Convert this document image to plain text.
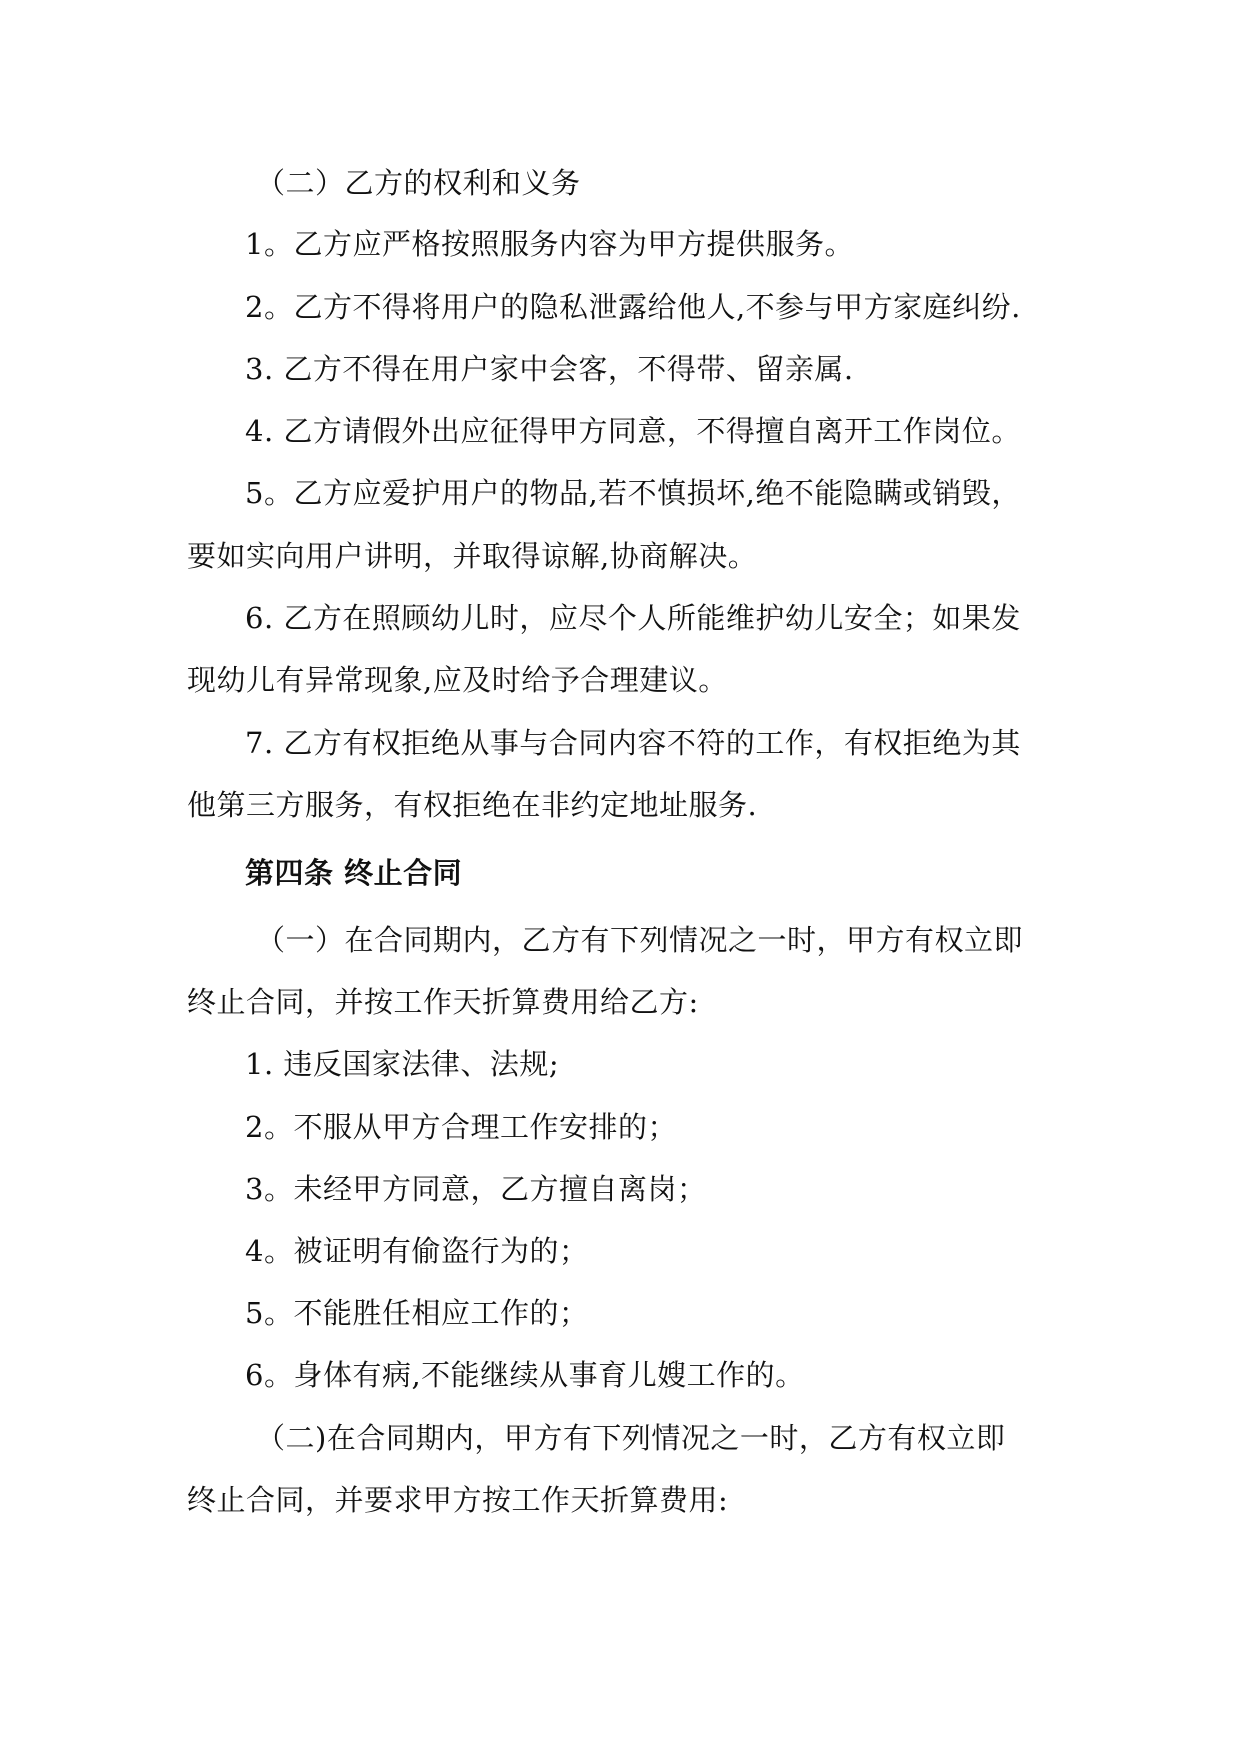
（二）乙方的权利和义务
1。乙方应严格按照服务内容为甲方提供服务。
2。乙方不得将用户的隐私泄露给他人,不参与甲方家庭纠纷.
3. 乙方不得在用户家中会客，不得带、留亲属.
4. 乙方请假外出应征得甲方同意，不得擅自离开工作岗位。
5。乙方应爱护用户的物品,若不慎损坏,绝不能隐瞒或销毁，
要如实向用户讲明，并取得谅解,协商解决。
6. 乙方在照顾幼儿时，应尽个人所能维护幼儿安全；如果发
现幼儿有异常现象,应及时给予合理建议。
7. 乙方有权拒绝从事与合同内容不符的工作，有权拒绝为其
他第三方服务，有权拒绝在非约定地址服务.
第四条 终止合同
（一）在合同期内，乙方有下列情况之一时，甲方有权立即
终止合同，并按工作天折算费用给乙方:
1. 违反国家法律、法规;
2。不服从甲方合理工作安排的；
3。未经甲方同意，乙方擅自离岗；
4。被证明有偷盗行为的；
5。不能胜任相应工作的；
6。身体有病,不能继续从事育儿嫂工作的。
（二)在合同期内，甲方有下列情况之一时，乙方有权立即
终止合同，并要求甲方按工作天折算费用:
